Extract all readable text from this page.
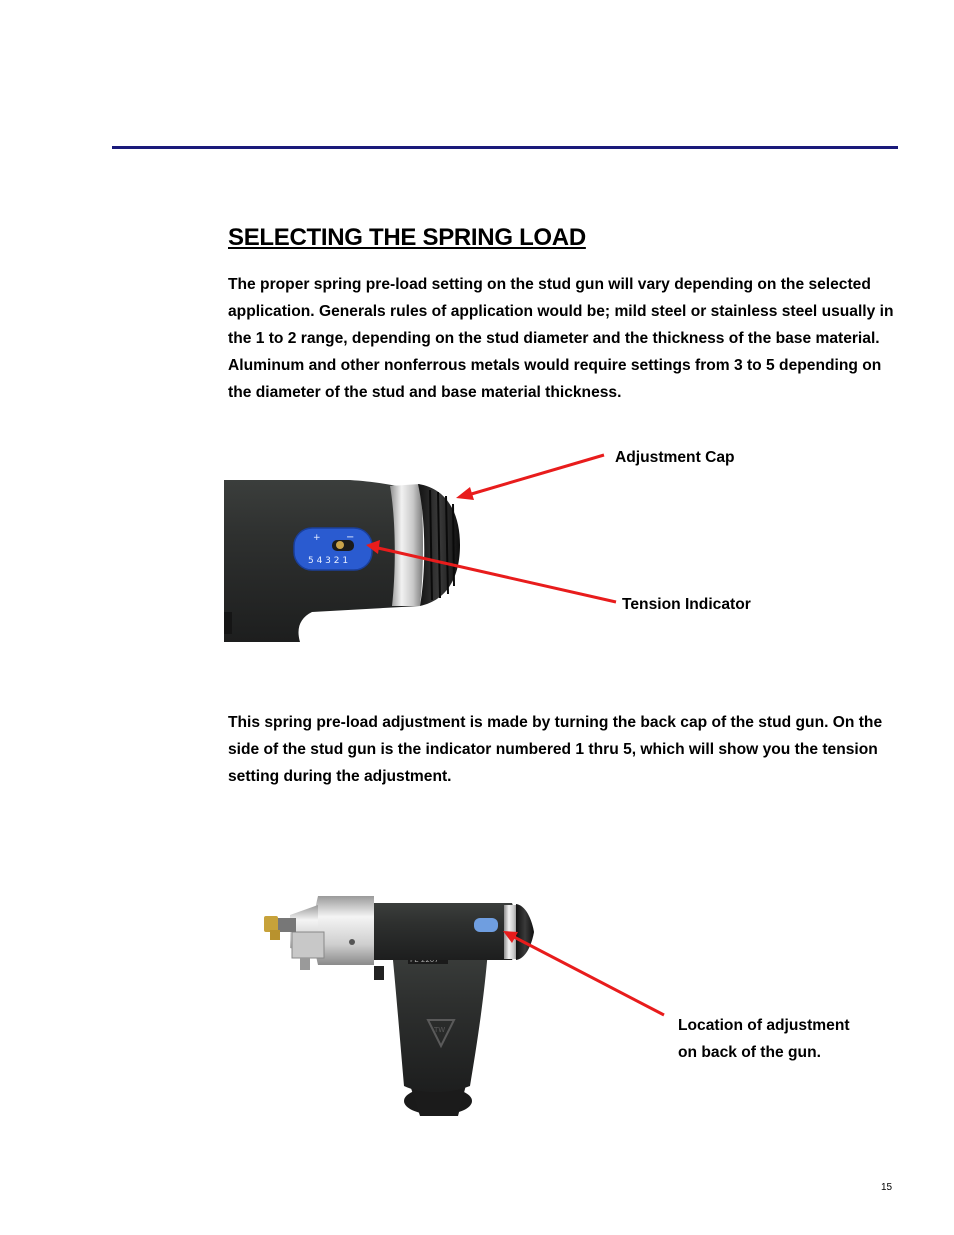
SELECTING THE SPRING LOAD

The proper spring pre-load setting on the stud gun will vary depending on the selected application. Generals rules of application would be; mild steel or stainless steel usually in the 1 to 2 range, depending on the stud diameter and the thickness of the base material. Aluminum and other nonferrous metals would require settings from 3 to 5 depending on the diameter of the stud and base material thickness.

+	−
5 4 3 2 1
TW

Adjustment Cap

Tension Indicator

This spring pre-load adjustment is made by turning the back cap of the stud gun. On the side of the stud gun is the indicator numbered 1 thru 5, which will show you the tension setting during the adjustment.

Location of adjustment
on back of the gun.
15
